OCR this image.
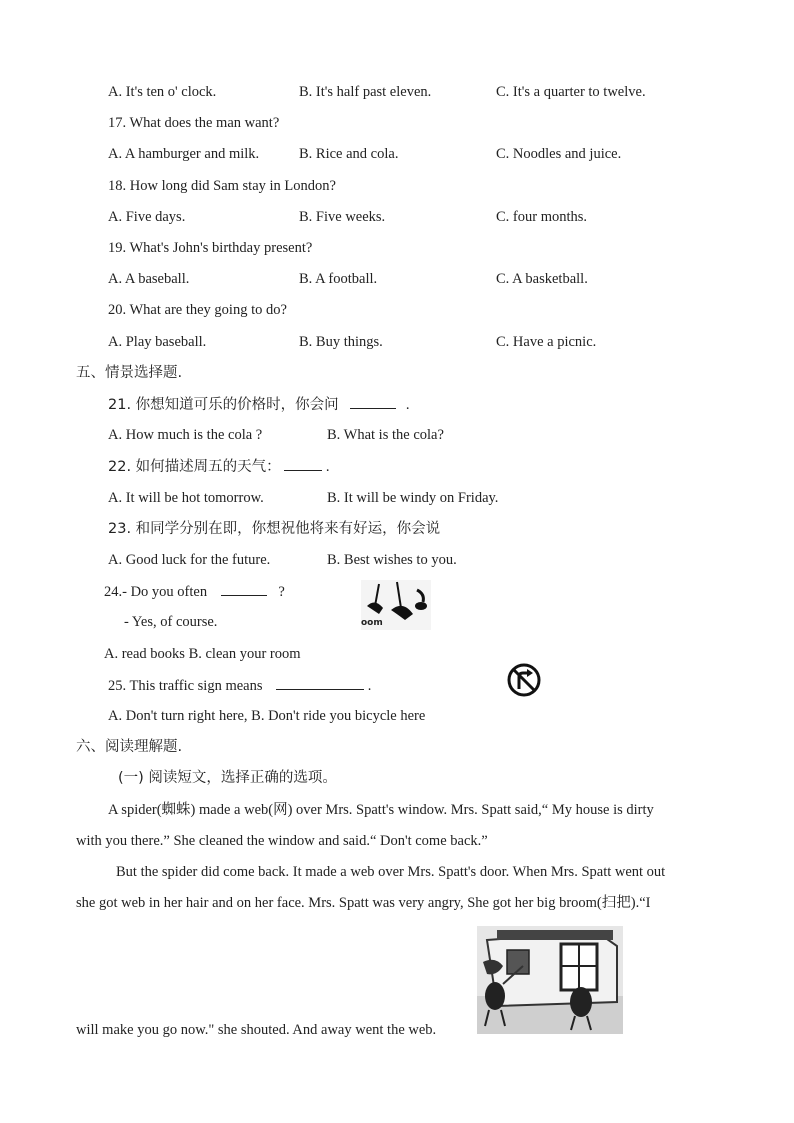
A. It's ten o' clock.	B. It's half past eleven.	C. It's a quarter to twelve.
17. What does the man want?
A. A hamburger and milk.	B. Rice and cola.	C. Noodles and juice.
18. How long did Sam stay in London?
A. Five days.	B. Five weeks.	C. four months.
19. What's John's birthday present?
A. A baseball.	B. A football.	C. A basketball.
20. What are they going to do?
A. Play baseball.	B. Buy things.	C. Have a picnic.
五、情景选择题.
21. 你想知道可乐的价格时，你会问	.
A. How much is the cola ?	B. What is the cola?
22. 如何描述周五的天气：	.
A. It will be hot tomorrow.	B. It will be windy on Friday.
23. 和同学分别在即，你想祝他将来有好运，你会说
A. Good luck for the future.	B. Best wishes to you.
24.- Do you often	?
oom
- Yes, of course.
A. read books B. clean your room
25. This traffic sign means	.
A. Don't turn right here, B. Don't ride you bicycle here
六、阅读理解题.
(一) 阅读短文，选择正确的选项。
A spider(蜘蛛) made a web(网) over Mrs. Spatt's window. Mrs. Spatt said,“ My house is dirty
with you there.” She cleaned the window and said.“ Don't come back.”
But the spider did come back. It made a web over Mrs. Spatt's door. When Mrs. Spatt went out
she got web in her hair and on her face. Mrs. Spatt was very angry, She got her big broom(扫把).“I
will make you go now." she shouted. And away went the web.
